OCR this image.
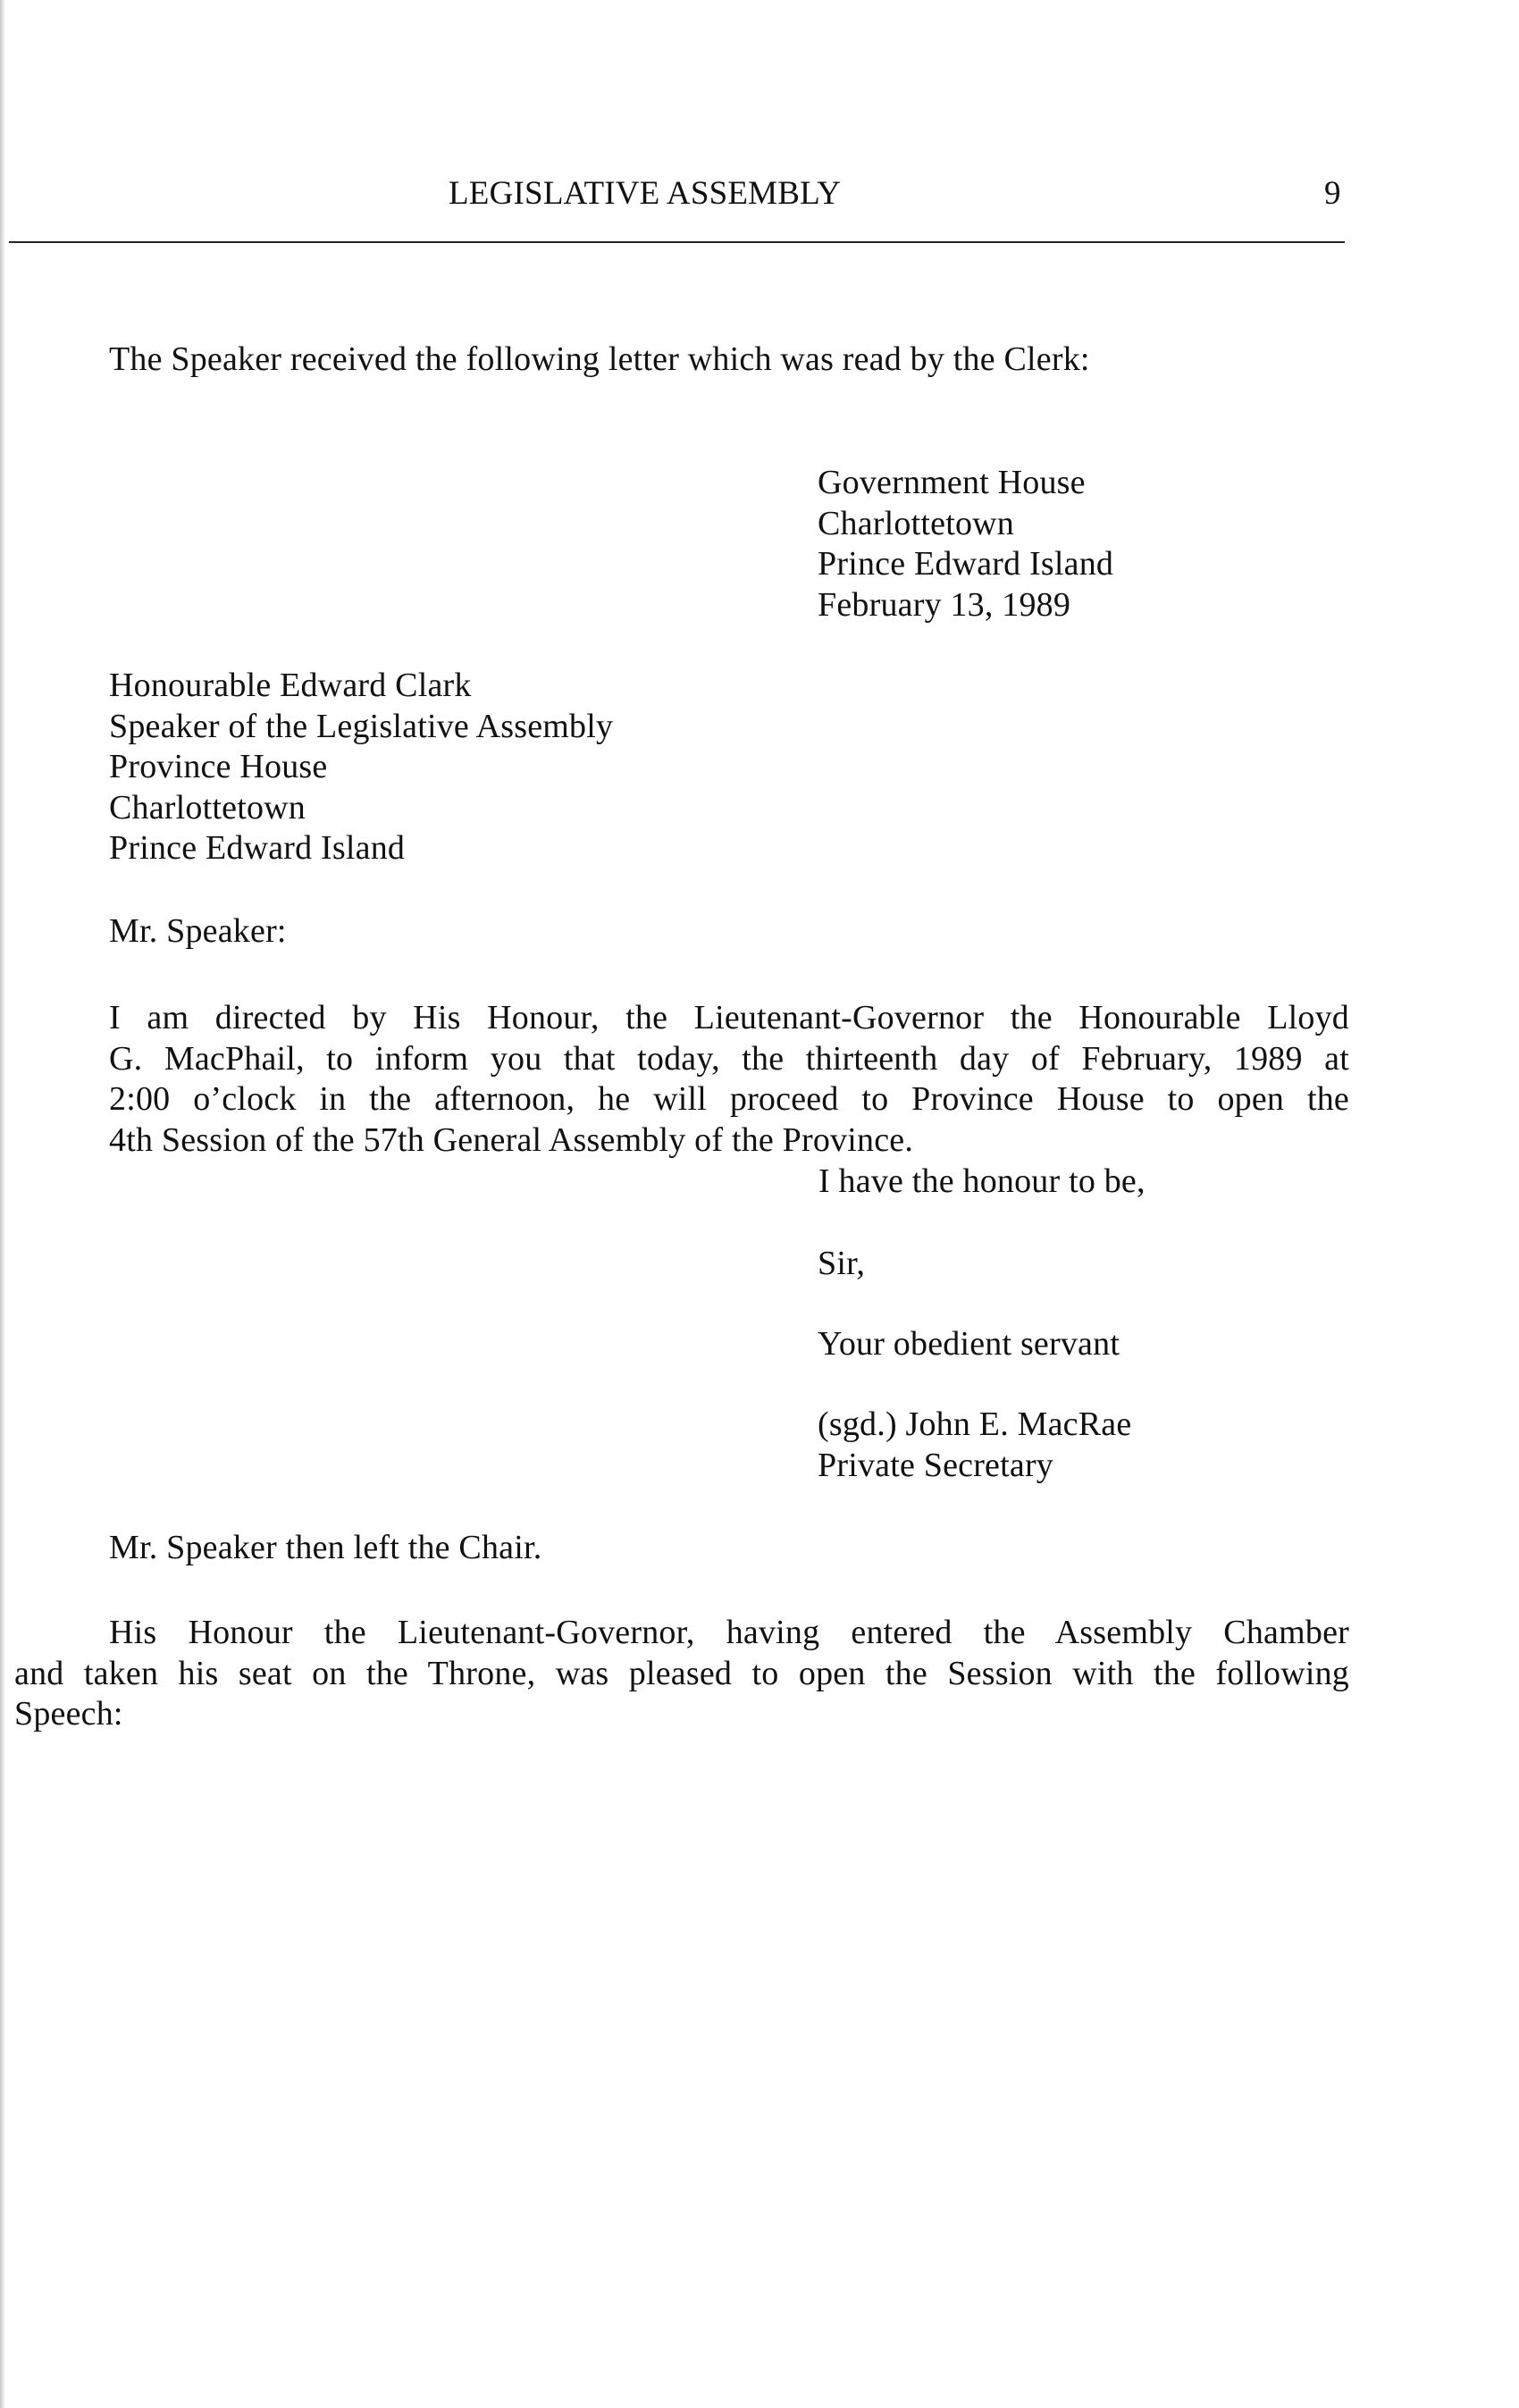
LEGISLATIVE ASSEMBLY	9

The Speaker received the following letter which was read by the Clerk:

Government House
Charlottetown
Prince Edward Island
February 13, 1989
Honourable Edward Clark
Speaker of the Legislative Assembly
Province House
Charlottetown
Prince Edward Island

Mr. Speaker:

I am directed by His Honour, the Lieutenant-Governor the Honourable Lloyd
G. MacPhail, to inform you that today, the thirteenth day of February, 1989 at
2:00 o’clock in the afternoon, he will proceed to Province House to open the
4th Session of the 57th General Assembly of the Province.

I have the honour to be,

Sir,

Your obedient servant

(sgd.) John E. MacRae
Private Secretary

Mr. Speaker then left the Chair.

His Honour the Lieutenant-Governor, having entered the Assembly Chamber
and taken his seat on the Throne, was pleased to open the Session with the following
Speech:
